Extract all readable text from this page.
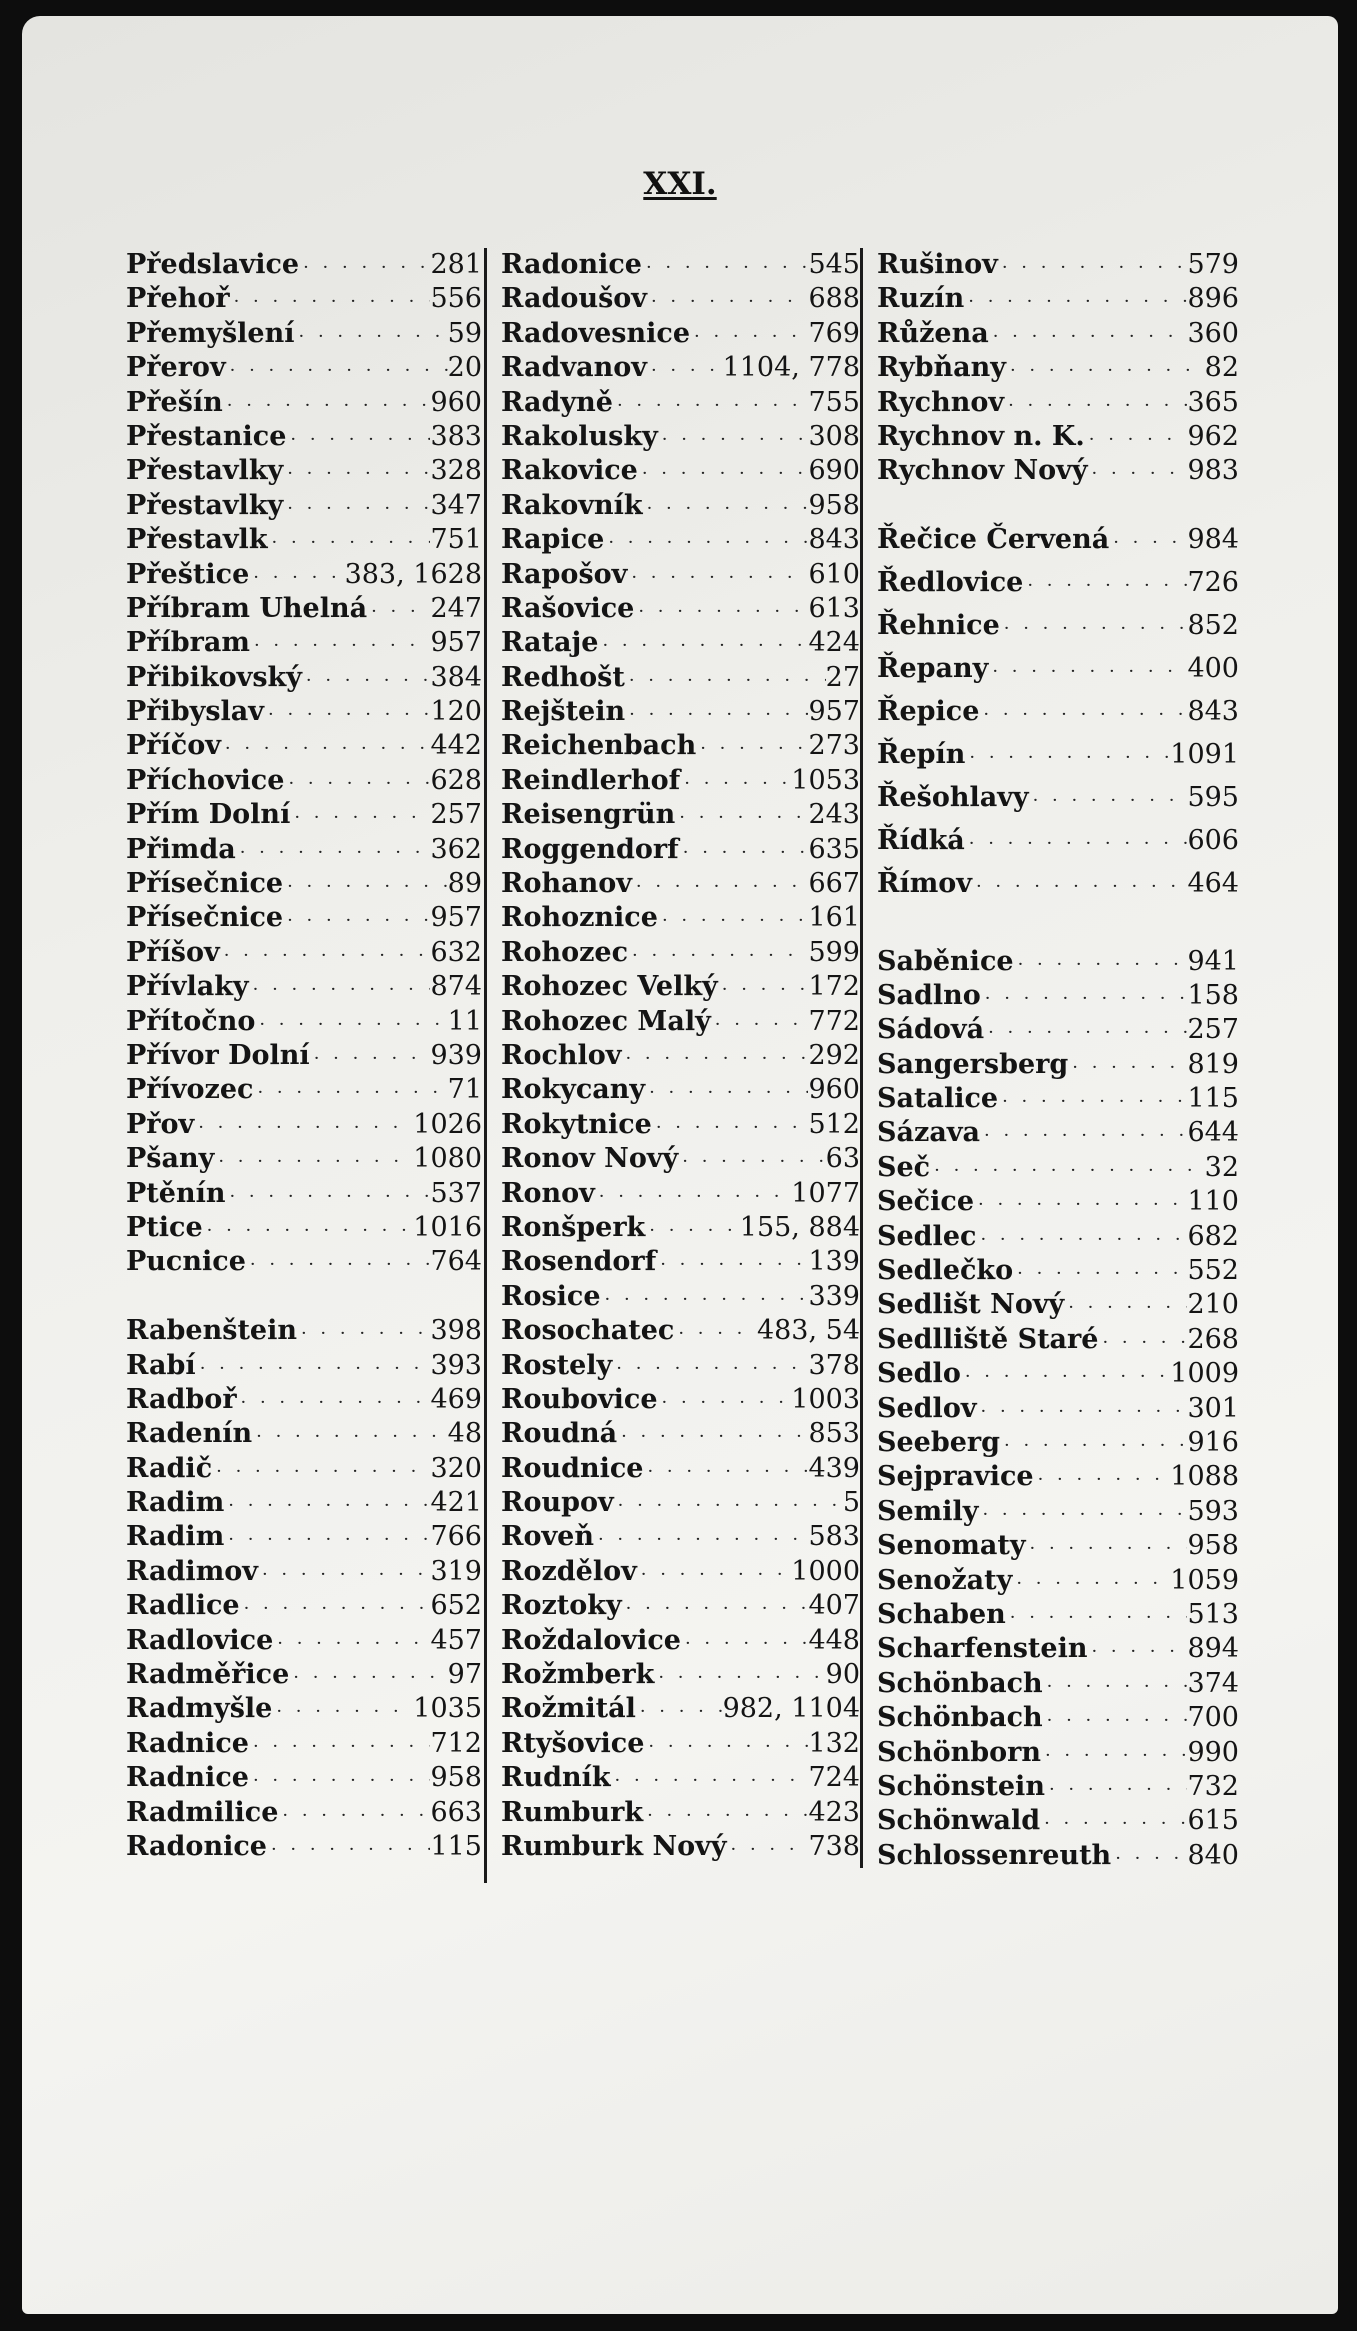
XXI.
Předslavice · · ·	281
Přehoř · · ·	556
Přemyšlení · · ·	59
Přerov · · ·	20
Přešín · · ·	960
Přestanice · · ·	383
Přestavlky · · ·	328
Přestavlky · · ·	347
Přestavlk · · ·	751
Přeštice · · ·	383, 1628
Příbram Uhelná · · · 247
Příbram · · ·	957
Přibikovský · · ·	384
Přibyslav · · ·	120
Příčov · · ·	442
Příchovice · · ·	628
Přím Dolní · · ·	257
Přimda · · ·	362
Přísečnice · · ·	89
Přísečnice · · ·	957
Příšov · · ·	632
Přívlaky · · ·	874
Přítočno · · ·	11
Přívor Dolní · · ·	939
Přívozec · · ·	71
Přov · · ·	1026
Pšany · · ·	1080
Ptěnín · · ·	537
Ptice · · ·	1016
Pucnice · · ·	764
Rabenštein · · ·	398
Rabí · · ·	393
Radboř · · ·	469
Radenín · · ·	48
Radič · · ·	320
Radim · · ·	421
Radim · · ·	766
Radimov · · ·	319
Radlice · · ·	652
Radlovice · · ·	457
Radměřice · · ·	97
Radmyšle · · ·	1035
Radnice · · ·	712
Radnice · · ·	958
Radmilice · · ·	663
Radonice · · ·	115
Radonice · · ·	545
Radoušov · · ·	688
Radovesnice · · ·	769
Radvanov · · ·	1104, 778
Radyně · · ·	755
Rakolusky · · ·	308
Rakovice · · ·	690
Rakovník · · ·	958
Rapice · · ·	843
Rapošov · · ·	610
Rašovice · · ·	613
Rataje · · ·	424
Redhošt · · ·	27
Rejštein · · ·	957
Reichenbach · · ·	273
Reindlerhof · · ·	1053
Reisengrün · · ·	243
Roggendorf · · ·	635
Rohanov · · ·	667
Rohoznice · · ·	161
Rohozec · · ·	599
Rohozec Velký · · ·	172
Rohozec Malý · · ·	772
Rochlov · · ·	292
Rokycany · · ·	960
Rokytnice · · ·	512
Ronov Nový · · ·	63
Ronov · · ·	1077
Ronšperk · · ·	155, 884
Rosendorf · · ·	139
Rosice · · ·	339
Rosochatec · · ·	483, 54
Rostely · · ·	378
Roubovice · · ·	1003
Roudná · · ·	853
Roudnice · · ·	439
Roupov · · ·	5
Roveň · · ·	583
Rozdělov · · ·	1000
Roztoky · · ·	407
Roždalovice · · ·	448
Rožmberk · · ·	90
Rožmitál · · ·	982, 1104
Rtyšovice · · ·	132
Rudník · · ·	724
Rumburk · · ·	423
Rumburk Nový · · ·	738
Rušinov · · ·	579
Ruzín · · ·	896
Růžena · · ·	360
Rybňany · · ·	82
Rychnov · · ·	365
Rychnov n. K. · · ·	962
Rychnov Nový · · ·	983
Řečice Červená · · ·	984
Ředlovice · · ·	726
Řehnice · · ·	852
Řepany · · ·	400
Řepice · · ·	843
Řepín · · ·	1091
Řešohlavy · · ·	595
Řídká · · ·	606
Římov · · ·	464
Saběnice · · ·	941
Sadlno · · ·	158
Sádová · · ·	257
Sangersberg · · ·	819
Satalice · · ·	115
Sázava · · ·	644
Seč · · ·	32
Sečice · · ·	110
Sedlec · · ·	682
Sedlečko · · ·	552
Sedlišt Nový · · ·	210
Sedlliště Staré · · ·	268
Sedlo · · ·	1009
Sedlov · · ·	301
Seeberg · · ·	916
Sejpravice · · ·	1088
Semily · · ·	593
Senomaty · · ·	958
Senožaty · · ·	1059
Schaben · · ·	513
Scharfenstein · · ·	894
Schönbach · · ·	374
Schönbach · · ·	700
Schönborn · · ·	990
Schönstein · · ·	732
Schönwald · · ·	615
Schlossenreuth · · ·	840
